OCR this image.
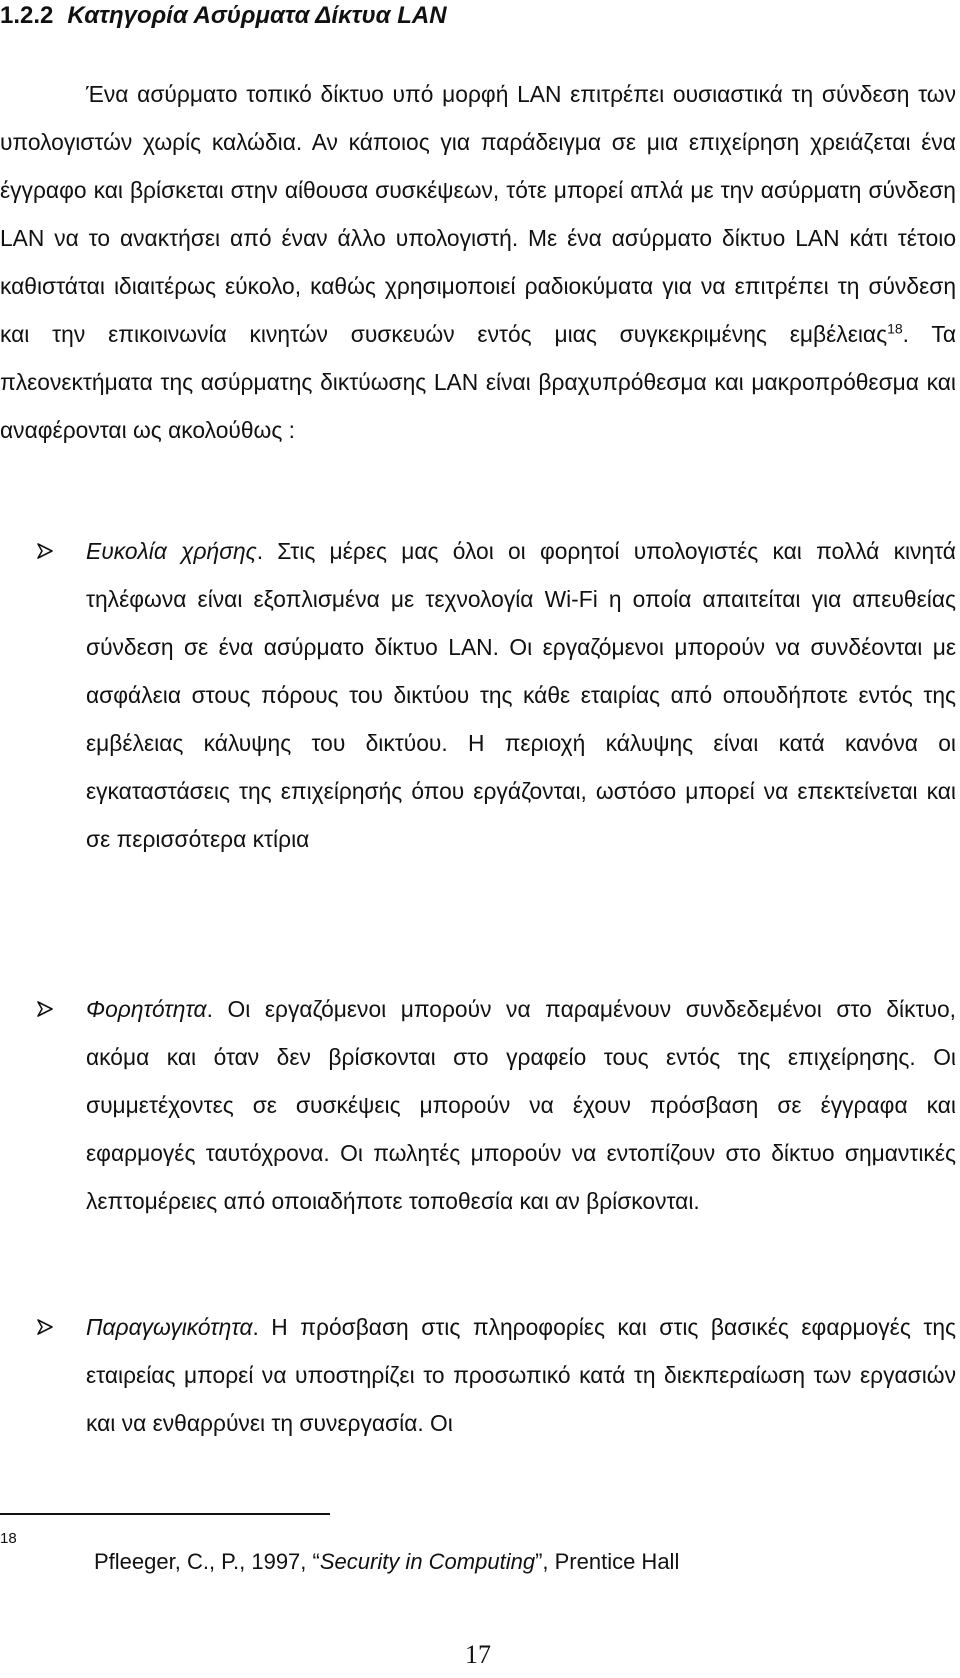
1.2.2 Κατηγορία Ασύρματα Δίκτυα LAN

Ένα ασύρματο τοπικό δίκτυο υπό μορφή LAN επιτρέπει ουσιαστικά τη σύνδεση των υπολογιστών χωρίς καλώδια. Αν κάποιος για παράδειγμα σε μια επιχείρηση χρειάζεται ένα έγγραφο και βρίσκεται στην αίθουσα συσκέψεων, τότε μπορεί απλά με την ασύρματη σύνδεση LAN να το ανακτήσει από έναν άλλο υπολογιστή. Με ένα ασύρματο δίκτυο LAN κάτι τέτοιο καθιστάται ιδιαιτέρως εύκολο, καθώς χρησιμοποιεί ραδιοκύματα για να επιτρέπει τη σύνδεση και την επικοινωνία κινητών συσκευών εντός μιας συγκεκριμένης εμβέλειας$^{18}$. Τα πλεονεκτήματα της ασύρματης δικτύωσης LAN είναι βραχυπρόθεσμα και μακροπρόθεσμα και αναφέρονται ως ακολούθως :

Ευκολία χρήσης. Στις μέρες μας όλοι οι φορητοί υπολογιστές και πολλά κινητά τηλέφωνα είναι εξοπλισμένα με τεχνολογία Wi-Fi η οποία απαιτείται για απευθείας σύνδεση σε ένα ασύρματο δίκτυο LAN. Οι εργαζόμενοι μπορούν να συνδέονται με ασφάλεια στους πόρους του δικτύου της κάθε εταιρίας από οπουδήποτε εντός της εμβέλειας κάλυψης του δικτύου. Η περιοχή κάλυψης είναι κατά κανόνα οι εγκαταστάσεις της επιχείρησής όπου εργάζονται, ωστόσο μπορεί να επεκτείνεται και σε περισσότερα κτίρια

Φορητότητα. Οι εργαζόμενοι μπορούν να παραμένουν συνδεδεμένοι στο δίκτυο, ακόμα και όταν δεν βρίσκονται στο γραφείο τους εντός της επιχείρησης. Οι συμμετέχοντες σε συσκέψεις μπορούν να έχουν πρόσβαση σε έγγραφα και εφαρμογές ταυτόχρονα. Οι πωλητές μπορούν να εντοπίζουν στο δίκτυο σημαντικές λεπτομέρειες από οποιαδήποτε τοποθεσία και αν βρίσκονται.

Παραγωγικότητα. Η πρόσβαση στις πληροφορίες και στις βασικές εφαρμογές της εταιρείας μπορεί να υποστηρίζει το προσωπικό κατά τη διεκπεραίωση των εργασιών και να ενθαρρύνει τη συνεργασία. Οι

18
Pfleeger, C., P., 1997, “Security in Computing”, Prentice Hall
17
